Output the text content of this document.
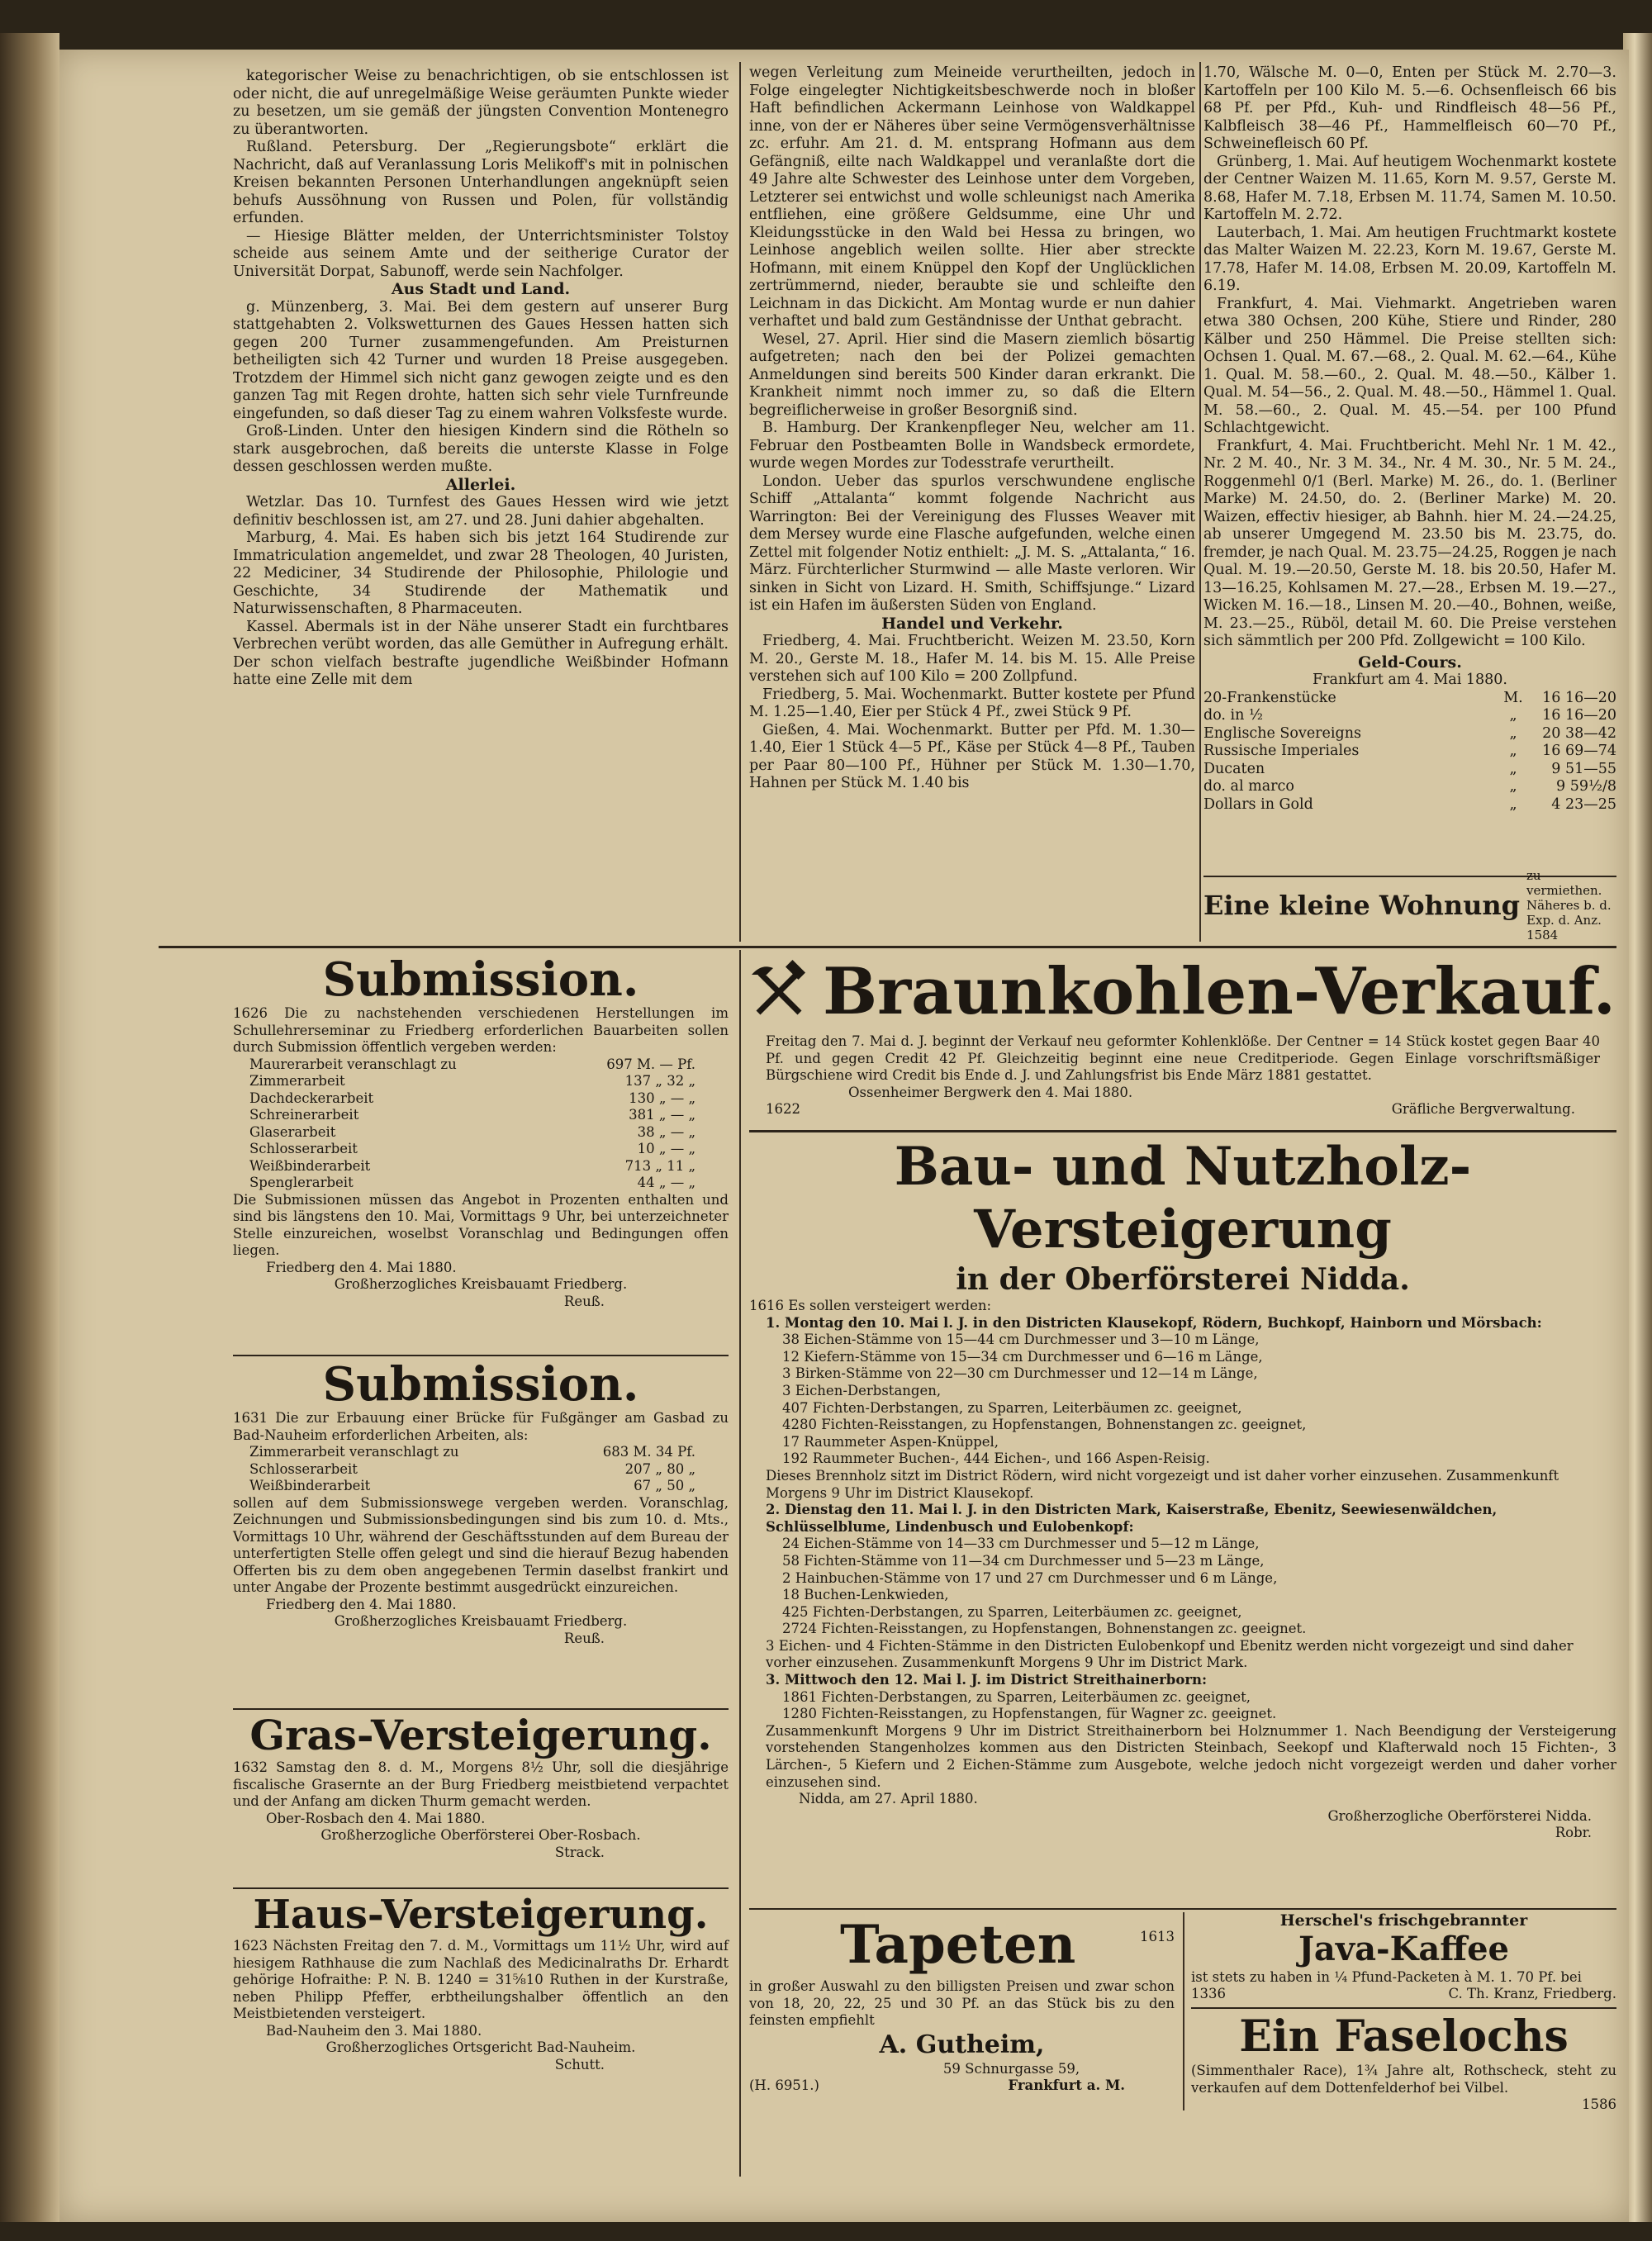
kategorischer Weise zu benachrichtigen, ob sie entschlossen ist oder nicht, die auf unregelmäßige Weise geräumten Punkte wieder zu besetzen, um sie gemäß der jüngsten Convention Montenegro zu überantworten.

Rußland. Petersburg. Der „Regierungsbote“ erklärt die Nachricht, daß auf Veranlassung Loris Melikoff's mit in polnischen Kreisen bekannten Personen Unterhandlungen angeknüpft seien behufs Aussöhnung von Russen und Polen, für vollständig erfunden.

— Hiesige Blätter melden, der Unterrichtsminister Tolstoy scheide aus seinem Amte und der seitherige Curator der Universität Dorpat, Sabunoff, werde sein Nachfolger.

Aus Stadt und Land.

g. Münzenberg, 3. Mai. Bei dem gestern auf unserer Burg stattgehabten 2. Volkswetturnen des Gaues Hessen hatten sich gegen 200 Turner zusammengefunden. Am Preisturnen betheiligten sich 42 Turner und wurden 18 Preise ausgegeben. Trotzdem der Himmel sich nicht ganz gewogen zeigte und es den ganzen Tag mit Regen drohte, hatten sich sehr viele Turnfreunde eingefunden, so daß dieser Tag zu einem wahren Volksfeste wurde.

Groß-Linden. Unter den hiesigen Kindern sind die Rötheln so stark ausgebrochen, daß bereits die unterste Klasse in Folge dessen geschlossen werden mußte.

Allerlei.

Wetzlar. Das 10. Turnfest des Gaues Hessen wird wie jetzt definitiv beschlossen ist, am 27. und 28. Juni dahier abgehalten.

Marburg, 4. Mai. Es haben sich bis jetzt 164 Studirende zur Immatriculation angemeldet, und zwar 28 Theologen, 40 Juristen, 22 Mediciner, 34 Studirende der Philosophie, Philologie und Geschichte, 34 Studirende der Mathematik und Naturwissenschaften, 8 Pharmaceuten.

Kassel. Abermals ist in der Nähe unserer Stadt ein furchtbares Verbrechen verübt worden, das alle Gemüther in Aufregung erhält. Der schon vielfach bestrafte jugendliche Weißbinder Hofmann hatte eine Zelle mit dem

wegen Verleitung zum Meineide verurtheilten, jedoch in Folge eingelegter Nichtigkeitsbeschwerde noch in bloßer Haft befindlichen Ackermann Leinhose von Waldkappel inne, von der er Näheres über seine Vermögensverhältnisse zc. erfuhr. Am 21. d. M. entsprang Hofmann aus dem Gefängniß, eilte nach Waldkappel und veranlaßte dort die 49 Jahre alte Schwester des Leinhose unter dem Vorgeben, Letzterer sei entwichst und wolle schleunigst nach Amerika entfliehen, eine größere Geldsumme, eine Uhr und Kleidungsstücke in den Wald bei Hessa zu bringen, wo Leinhose angeblich weilen sollte. Hier aber streckte Hofmann, mit einem Knüppel den Kopf der Unglücklichen zertrümmernd, nieder, beraubte sie und schleifte den Leichnam in das Dickicht. Am Montag wurde er nun dahier verhaftet und bald zum Geständnisse der Unthat gebracht.

Wesel, 27. April. Hier sind die Masern ziemlich bösartig aufgetreten; nach den bei der Polizei gemachten Anmeldungen sind bereits 500 Kinder daran erkrankt. Die Krankheit nimmt noch immer zu, so daß die Eltern begreiflicherweise in großer Besorgniß sind.

B. Hamburg. Der Krankenpfleger Neu, welcher am 11. Februar den Postbeamten Bolle in Wandsbeck ermordete, wurde wegen Mordes zur Todesstrafe verurtheilt.

London. Ueber das spurlos verschwundene englische Schiff „Attalanta“ kommt folgende Nachricht aus Warrington: Bei der Vereinigung des Flusses Weaver mit dem Mersey wurde eine Flasche aufgefunden, welche einen Zettel mit folgender Notiz enthielt: „J. M. S. „Attalanta,“ 16. März. Fürchterlicher Sturmwind — alle Maste verloren. Wir sinken in Sicht von Lizard. H. Smith, Schiffsjunge.“ Lizard ist ein Hafen im äußersten Süden von England.

Handel und Verkehr.

Friedberg, 4. Mai. Fruchtbericht. Weizen M. 23.50, Korn M. 20., Gerste M. 18., Hafer M. 14. bis M. 15. Alle Preise verstehen sich auf 100 Kilo = 200 Zollpfund.

Friedberg, 5. Mai. Wochenmarkt. Butter kostete per Pfund M. 1.25—1.40, Eier per Stück 4 Pf., zwei Stück 9 Pf.

Gießen, 4. Mai. Wochenmarkt. Butter per Pfd. M. 1.30—1.40, Eier 1 Stück 4—5 Pf., Käse per Stück 4—8 Pf., Tauben per Paar 80—100 Pf., Hühner per Stück M. 1.30—1.70, Hahnen per Stück M. 1.40 bis

1.70, Wälsche M. 0—0, Enten per Stück M. 2.70—3. Kartoffeln per 100 Kilo M. 5.—6. Ochsenfleisch 66 bis 68 Pf. per Pfd., Kuh- und Rindfleisch 48—56 Pf., Kalbfleisch 38—46 Pf., Hammelfleisch 60—70 Pf., Schweinefleisch 60 Pf.

Grünberg, 1. Mai. Auf heutigem Wochenmarkt kostete der Centner Waizen M. 11.65, Korn M. 9.57, Gerste M. 8.68, Hafer M. 7.18, Erbsen M. 11.74, Samen M. 10.50. Kartoffeln M. 2.72.

Lauterbach, 1. Mai. Am heutigen Fruchtmarkt kostete das Malter Waizen M. 22.23, Korn M. 19.67, Gerste M. 17.78, Hafer M. 14.08, Erbsen M. 20.09, Kartoffeln M. 6.19.

Frankfurt, 4. Mai. Viehmarkt. Angetrieben waren etwa 380 Ochsen, 200 Kühe, Stiere und Rinder, 280 Kälber und 250 Hämmel. Die Preise stellten sich: Ochsen 1. Qual. M. 67.—68., 2. Qual. M. 62.—64., Kühe 1. Qual. M. 58.—60., 2. Qual. M. 48.—50., Kälber 1. Qual. M. 54—56., 2. Qual. M. 48.—50., Hämmel 1. Qual. M. 58.—60., 2. Qual. M. 45.—54. per 100 Pfund Schlachtgewicht.

Frankfurt, 4. Mai. Fruchtbericht. Mehl Nr. 1 M. 42., Nr. 2 M. 40., Nr. 3 M. 34., Nr. 4 M. 30., Nr. 5 M. 24., Roggenmehl 0/1 (Berl. Marke) M. 26., do. 1. (Berliner Marke) M. 24.50, do. 2. (Berliner Marke) M. 20. Waizen, effectiv hiesiger, ab Bahnh. hier M. 24.—24.25, ab unserer Umgegend M. 23.50 bis M. 23.75, do. fremder, je nach Qual. M. 23.75—24.25, Roggen je nach Qual. M. 19.—20.50, Gerste M. 18. bis 20.50, Hafer M. 13—16.25, Kohlsamen M. 27.—28., Erbsen M. 19.—27., Wicken M. 16.—18., Linsen M. 20.—40., Bohnen, weiße, M. 23.—25., Rüböl, detail M. 60. Die Preise verstehen sich sämmtlich per 200 Pfd. Zollgewicht = 100 Kilo.

Geld-Cours.

Frankfurt am 4. Mai 1880.

20-Frankenstücke	M.	16 16—20
do. in ½	„	16 16—20
Englische Sovereigns	„	20 38—42
Russische Imperiales	„	16 69—74
Ducaten	„	9 51—55
do. al marco	„	9 59½/8
Dollars in Gold	„	4 23—25
Eine kleine Wohnung
zu vermiethen. Näheres b. d. Exp. d. Anz. 1584

Submission.

1626 Die zu nachstehenden verschiedenen Herstellungen im Schullehrerseminar zu Friedberg erforderlichen Bauarbeiten sollen durch Submission öffentlich vergeben werden:

Maurerarbeit veranschlagt zu	697 M. — Pf.
Zimmerarbeit	137 „ 32 „
Dachdeckerarbeit	130 „ — „
Schreinerarbeit	381 „ — „
Glaserarbeit	38 „ — „
Schlosserarbeit	10 „ — „
Weißbinderarbeit	713 „ 11 „
Spenglerarbeit	44 „ — „

Die Submissionen müssen das Angebot in Prozenten enthalten und sind bis längstens den 10. Mai, Vormittags 9 Uhr, bei unterzeichneter Stelle einzureichen, woselbst Voranschlag und Bedingungen offen liegen.

Friedberg den 4. Mai 1880.

Großherzogliches Kreisbauamt Friedberg.

Reuß.

Submission.

1631 Die zur Erbauung einer Brücke für Fußgänger am Gasbad zu Bad-Nauheim erforderlichen Arbeiten, als:

Zimmerarbeit veranschlagt zu	683 M. 34 Pf.
Schlosserarbeit	207 „ 80 „
Weißbinderarbeit	67 „ 50 „

sollen auf dem Submissionswege vergeben werden. Voranschlag, Zeichnungen und Submissionsbedingungen sind bis zum 10. d. Mts., Vormittags 10 Uhr, während der Geschäftsstunden auf dem Bureau der unterfertigten Stelle offen gelegt und sind die hierauf Bezug habenden Offerten bis zu dem oben angegebenen Termin daselbst frankirt und unter Angabe der Prozente bestimmt ausgedrückt einzureichen.

Friedberg den 4. Mai 1880.

Großherzogliches Kreisbauamt Friedberg.

Reuß.

Gras-Versteigerung.

1632 Samstag den 8. d. M., Morgens 8½ Uhr, soll die diesjährige fiscalische Grasernte an der Burg Friedberg meistbietend verpachtet und der Anfang am dicken Thurm gemacht werden.

Ober-Rosbach den 4. Mai 1880.

Großherzogliche Oberförsterei Ober-Rosbach.

Strack.

Haus-Versteigerung.

1623 Nächsten Freitag den 7. d. M., Vormittags um 11½ Uhr, wird auf hiesigem Rathhause die zum Nachlaß des Medicinalraths Dr. Erhardt gehörige Hofraithe: P. N. B. 1240 = 31⅝10 Ruthen in der Kurstraße, neben Philipp Pfeffer, erbtheilungshalber öffentlich an den Meistbietenden versteigert.

Bad-Nauheim den 3. Mai 1880.

Großherzogliches Ortsgericht Bad-Nauheim.

Schutt.

Braunkohlen-Verkauf.

Freitag den 7. Mai d. J. beginnt der Verkauf neu geformter Kohlenklöße. Der Centner = 14 Stück kostet gegen Baar 40 Pf. und gegen Credit 42 Pf. Gleichzeitig beginnt eine neue Creditperiode. Gegen Einlage vorschriftsmäßiger Bürgschiene wird Credit bis Ende d. J. und Zahlungsfrist bis Ende März 1881 gestattet.

Ossenheimer Bergwerk den 4. Mai 1880.

1622	Gräfliche Bergverwaltung.

Bau- und Nutzholz-Versteigerung

in der Oberförsterei Nidda.

1616 Es sollen versteigert werden:

1. Montag den 10. Mai l. J. in den Districten Klausekopf, Rödern, Buchkopf, Hainborn und Mörsbach:

38 Eichen-Stämme von 15—44 cm Durchmesser und 3—10 m Länge,

12 Kiefern-Stämme von 15—34 cm Durchmesser und 6—16 m Länge,

3 Birken-Stämme von 22—30 cm Durchmesser und 12—14 m Länge,

3 Eichen-Derbstangen,

407 Fichten-Derbstangen, zu Sparren, Leiterbäumen zc. geeignet,

4280 Fichten-Reisstangen, zu Hopfenstangen, Bohnenstangen zc. geeignet,

17 Raummeter Aspen-Knüppel,

192 Raummeter Buchen-, 444 Eichen-, und 166 Aspen-Reisig.

Dieses Brennholz sitzt im District Rödern, wird nicht vorgezeigt und ist daher vorher einzusehen. Zusammenkunft Morgens 9 Uhr im District Klausekopf.

2. Dienstag den 11. Mai l. J. in den Districten Mark, Kaiserstraße, Ebenitz, Seewiesenwäldchen, Schlüsselblume, Lindenbusch und Eulobenkopf:

24 Eichen-Stämme von 14—33 cm Durchmesser und 5—12 m Länge,

58 Fichten-Stämme von 11—34 cm Durchmesser und 5—23 m Länge,

2 Hainbuchen-Stämme von 17 und 27 cm Durchmesser und 6 m Länge,

18 Buchen-Lenkwieden,

425 Fichten-Derbstangen, zu Sparren, Leiterbäumen zc. geeignet,

2724 Fichten-Reisstangen, zu Hopfenstangen, Bohnenstangen zc. geeignet.

3 Eichen- und 4 Fichten-Stämme in den Districten Eulobenkopf und Ebenitz werden nicht vorgezeigt und sind daher vorher einzusehen. Zusammenkunft Morgens 9 Uhr im District Mark.

3. Mittwoch den 12. Mai l. J. im District Streithainerborn:

1861 Fichten-Derbstangen, zu Sparren, Leiterbäumen zc. geeignet,

1280 Fichten-Reisstangen, zu Hopfenstangen, für Wagner zc. geeignet.

Zusammenkunft Morgens 9 Uhr im District Streithainerborn bei Holznummer 1. Nach Beendigung der Versteigerung vorstehenden Stangenholzes kommen aus den Districten Steinbach, Seekopf und Klafterwald noch 15 Fichten-, 3 Lärchen-, 5 Kiefern und 2 Eichen-Stämme zum Ausgebote, welche jedoch nicht vorgezeigt werden und daher vorher einzusehen sind.

Nidda, am 27. April 1880.

Großherzogliche Oberförsterei Nidda.

Robr.

Tapeten	1613

in großer Auswahl zu den billigsten Preisen und zwar schon von 18, 20, 22, 25 und 30 Pf. an das Stück bis zu den feinsten empfiehlt

A. Gutheim,

59 Schnurgasse 59,

(H. 6951.)	Frankfurt a. M.

Herschel's frischgebrannter

Java-Kaffee

ist stets zu haben in ¼ Pfund-Packeten à M. 1. 70 Pf. bei

1336	C. Th. Kranz, Friedberg.

Ein Faselochs

(Simmenthaler Race), 1¾ Jahre alt, Rothscheck, steht zu verkaufen auf dem Dottenfelderhof bei Vilbel.

1586
